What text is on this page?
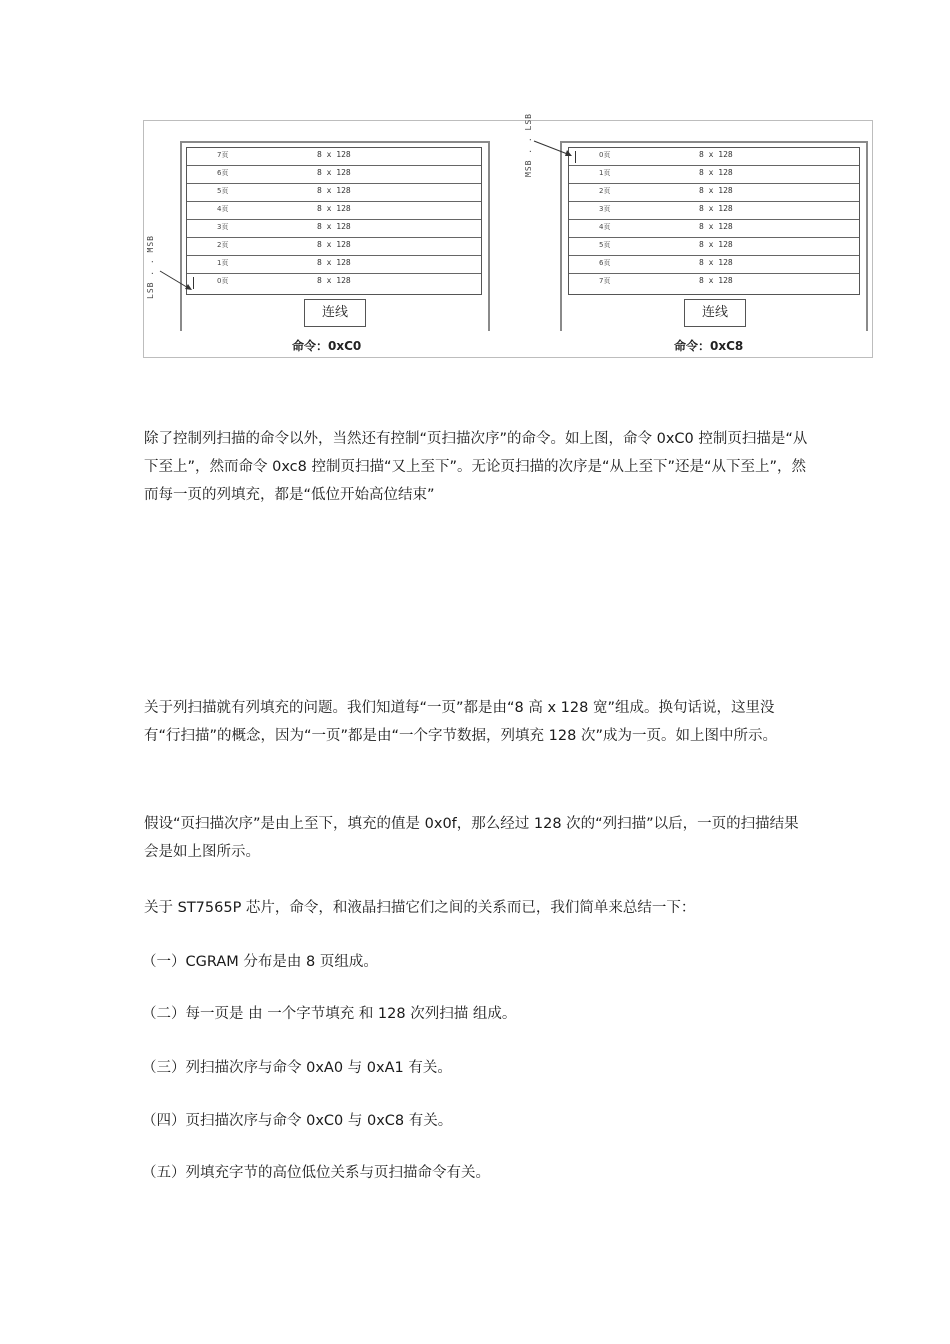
7页	8 x 128
6页	8 x 128
5页	8 x 128
4页	8 x 128
3页	8 x 128
2页	8 x 128
1页	8 x 128
0页	8 x 128
LSB . . MSB
连线
命令：0xC0
0页	8 x 128
1页	8 x 128
2页	8 x 128
3页	8 x 128
4页	8 x 128
5页	8 x 128
6页	8 x 128
7页	8 x 128
MSB . . LSB
连线
命令：0xC8

除了控制列扫描的命令以外，当然还有控制“页扫描次序”的命令。如上图，命令 0xC0 控制页扫描是“从下至上”，然而命令 0xc8 控制页扫描“又上至下”。无论页扫描的次序是“从上至下”还是“从下至上”，然而每一页的列填充，都是“低位开始高位结束”

关于列扫描就有列填充的问题。我们知道每“一页”都是由“8 高 x 128 宽”组成。换句话说，这里没有“行扫描”的概念，因为“一页”都是由“一个字节数据，列填充 128 次”成为一页。如上图中所示。

假设“页扫描次序”是由上至下，填充的值是 0x0f，那么经过 128 次的“列扫描”以后，一页的扫描结果会是如上图所示。

关于 ST7565P 芯片，命令，和液晶扫描它们之间的关系而已，我们简单来总结一下：

（一）CGRAM 分布是由 8 页组成。

（二）每一页是 由 一个字节填充 和 128 次列扫描 组成。

（三）列扫描次序与命令 0xA0 与 0xA1 有关。

（四）页扫描次序与命令 0xC0 与 0xC8 有关。

（五）列填充字节的高位低位关系与页扫描命令有关。
